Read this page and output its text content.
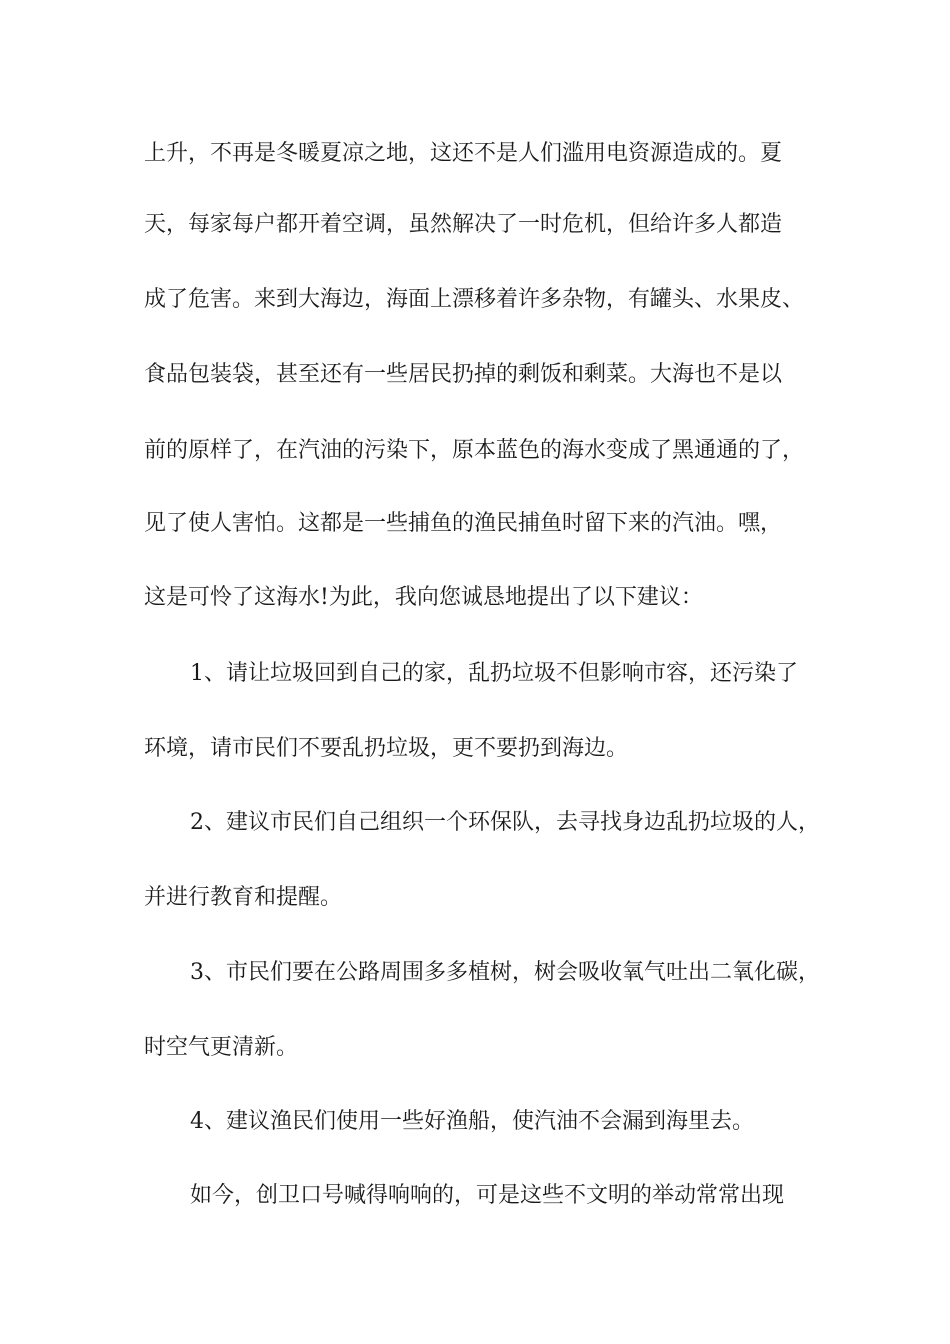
上升，不再是冬暖夏凉之地，这还不是人们滥用电资源造成的。夏
天，每家每户都开着空调，虽然解决了一时危机，但给许多人都造
成了危害。来到大海边，海面上漂移着许多杂物，有罐头、水果皮、
食品包装袋，甚至还有一些居民扔掉的剩饭和剩菜。大海也不是以
前的原样了，在汽油的污染下，原本蓝色的海水变成了黑通通的了，
见了使人害怕。这都是一些捕鱼的渔民捕鱼时留下来的汽油。嘿，
这是可怜了这海水!为此，我向您诚恳地提出了以下建议：
1、请让垃圾回到自己的家，乱扔垃圾不但影响市容，还污染了
环境，请市民们不要乱扔垃圾，更不要扔到海边。
2、建议市民们自己组织一个环保队，去寻找身边乱扔垃圾的人，
并进行教育和提醒。
3、市民们要在公路周围多多植树，树会吸收氧气吐出二氧化碳，
时空气更清新。
4、建议渔民们使用一些好渔船，使汽油不会漏到海里去。
如今，创卫口号喊得响响的，可是这些不文明的举动常常出现
